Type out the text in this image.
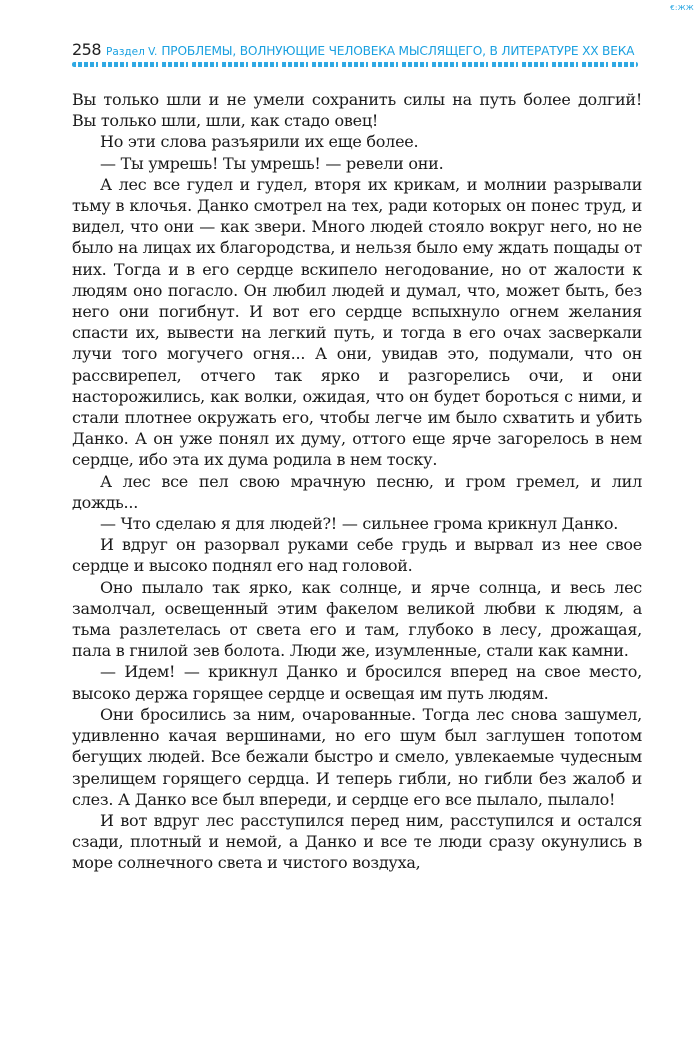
€:ЖЖ
258 Раздел V. ПРОБЛЕМЫ, ВОЛНУЮЩИЕ ЧЕЛОВЕКА МЫСЛЯЩЕГО, В ЛИТЕРАТУРЕ XX ВЕКА

Вы только шли и не умели сохранить силы на путь более долгий! Вы только шли, шли, как стадо овец!

Но эти слова разъярили их еще более.

— Ты умрешь! Ты умрешь! — ревели они.

А лес все гудел и гудел, вторя их крикам, и молнии разрывали тьму в клочья. Данко смотрел на тех, ради которых он понес труд, и видел, что они — как звери. Много людей стояло вокруг него, но не было на лицах их благородства, и нельзя было ему ждать пощады от них. Тогда и в его сердце вскипело негодование, но от жалости к людям оно погасло. Он любил людей и думал, что, может быть, без него они погибнут. И вот его сердце вспыхнуло огнем желания спасти их, вывести на легкий путь, и тогда в его очах засверкали лучи того могучего огня... А они, увидав это, подумали, что он рассвирепел, отчего так ярко и разгорелись очи, и они насторожились, как волки, ожидая, что он будет бороться с ними, и стали плотнее окружать его, чтобы легче им было схватить и убить Данко. А он уже понял их думу, оттого еще ярче загорелось в нем сердце, ибо эта их дума родила в нем тоску.

А лес все пел свою мрачную песню, и гром гремел, и лил дождь...

— Что сделаю я для людей?! — сильнее грома крикнул Данко.

И вдруг он разорвал руками себе грудь и вырвал из нее свое сердце и высоко поднял его над головой.

Оно пылало так ярко, как солнце, и ярче солнца, и весь лес замолчал, освещенный этим факелом великой любви к людям, а тьма разлетелась от света его и там, глубоко в лесу, дрожащая, пала в гнилой зев болота. Люди же, изумленные, стали как камни.

— Идем! — крикнул Данко и бросился вперед на свое место, высоко держа горящее сердце и освещая им путь людям.

Они бросились за ним, очарованные. Тогда лес снова зашумел, удивленно качая вершинами, но его шум был заглушен топотом бегущих людей. Все бежали быстро и смело, увлекаемые чудесным зрелищем горящего сердца. И теперь гибли, но гибли без жалоб и слез. А Данко все был впереди, и сердце его все пылало, пылало!

И вот вдруг лес расступился перед ним, расступился и остался сзади, плотный и немой, а Данко и все те люди сразу окунулись в море солнечного света и чистого воздуха,
